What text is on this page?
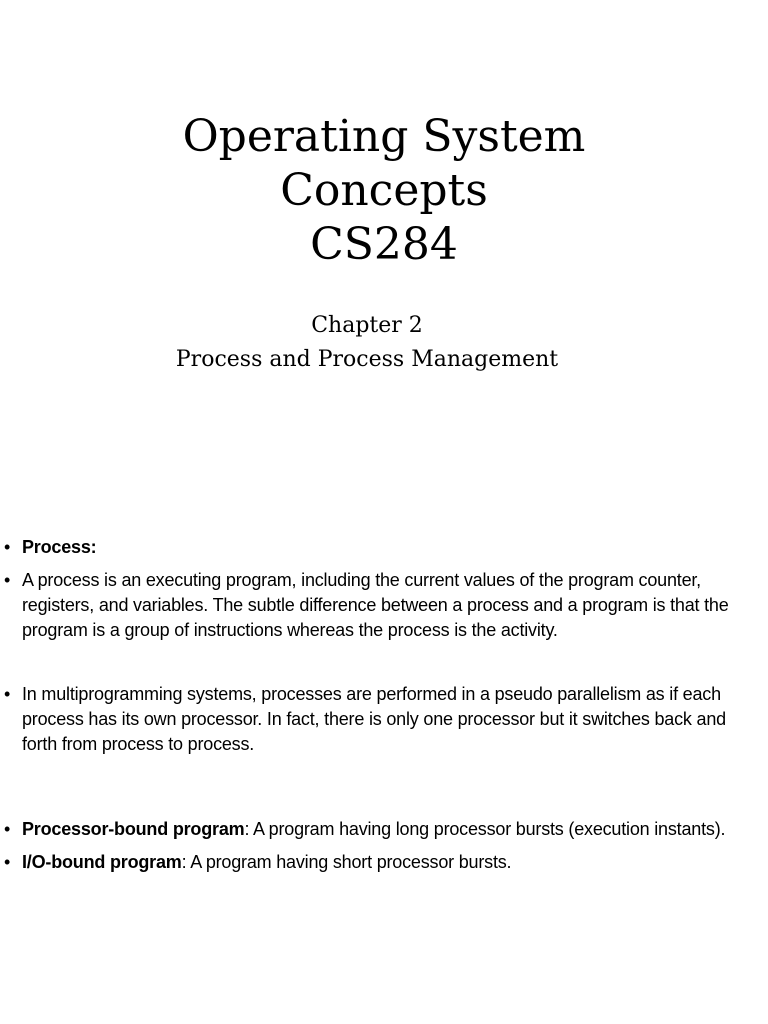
Operating System
Concepts
CS284
Chapter 2
Process and Process Management
• Process:
• A process is an executing program, including the current values of the program counter, registers, and variables. The subtle difference between a process and a program is that the program is a group of instructions whereas the process is the activity.
• In multiprogramming systems, processes are performed in a pseudo parallelism as if each process has its own processor. In fact, there is only one processor but it switches back and forth from process to process.
• Processor-bound program: A program having long processor bursts (execution instants).
• I/O-bound program: A program having short processor bursts.
